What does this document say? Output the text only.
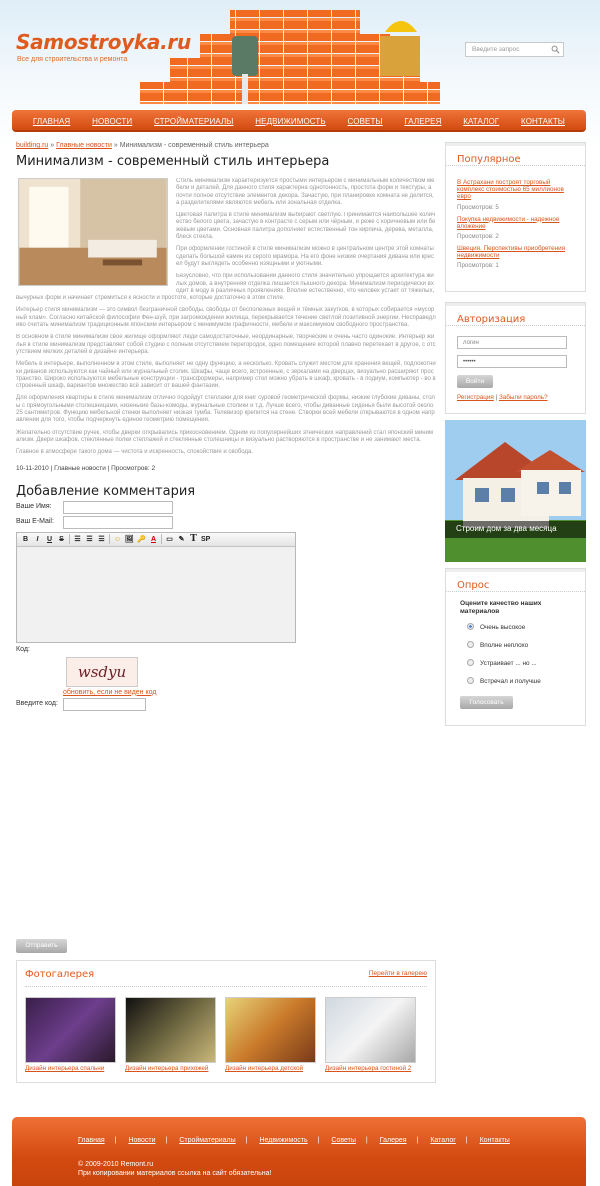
Samostroyka.ru
Все для строительства и ремонта
Введите запрос
ГЛАВНАЯ	НОВОСТИ	СТРОЙМАТЕРИАЛЫ	НЕДВИЖИМОСТЬ	СОВЕТЫ	ГАЛЕРЕЯ	КАТАЛОГ	КОНТАКТЫ
building.ru » Главные новости » Минимализм - современный стиль интерьера
Минимализм - современный стиль интерьера

Стиль минимализм характеризуется простыми интерьером с минимальным количеством мебели и деталей. Для данного стиля характерна однотонность, простота форм и текстуры, а почти полное отсутствие элементов декора. Зачастую, при планировке комната не делится, а разделителями являются мебель или зональная отделка.

Цветовая палитра в стиле минимализм выбирают светлую. Принимается наибольшее количество белого цвета, зачастую в контрасте с серым или чёрным, и реже с коричневым или бежевым цветами. Основная палитра дополняет естественный тон кирпича, дерева, металла, блеск стекла.

При оформлении гостиной в стиле минимализм можно в центральном центре этой комнаты сделать большой камин из серого мрамора. На его фоне низкие очертания дивана или кресел будут выглядеть особенно изящными и уютными.

Безусловно, что при использовании данного стиля значительно упрощается архитектура жилых домов, а внутренняя отделка лишается пышного декора. Минимализм периодически входит в моду в различных проявлениях. Вполне естественно, что человек устает от тяжелых, вычурных форм и начинает стремиться к ясности и простоте, которые достаточно в этом стиле.

Интерьер стиля минимализм — это символ безграничной свободы, свободы от бесполезных вещей и тёмных закутков, в которых собирается «мусорный хлам». Согласно китайской философии Фен-шуй, при загромождении жилища, перекрывается течение светлой позитивной энергии. Несправедливо считать минимализм традиционным японским интерьером с минимумом графичности, мебели и максимумом свободного пространства.

В основном в стиле минимализм свое жилище оформляют люди самодостаточные, неординарные, творческие и очень часто одинокие. Интерьер жилья в стиле минимализм представляет собой студию с полным отсутствием перегородок, одно помещение которой плавно перетекает в другое, с отсутствием мелких деталей в дизайне интерьера.

Мебель в интерьере, выполненном в этом стиле, выполняет не одну функцию, а несколько. Кровать служит местом для хранения вещей, подлокотники диванов используются как чайный или журнальный столик. Шкафы, чаще всего, встроенные, с зеркалами на дверцах, визуально расширяют пространство. Широко используются мебельные конструкции - трансформеры, например стол можно убрать в шкаф, кровать - в подиум, компьютер - во встроенный шкаф, вариантов множество всё зависит от вашей фантазии.

Для оформления квартиры в стиле минимализм отлично подойдут стеллажи для книг суровой геометрической формы, низкие глубокие диваны, столы с прямоугольными столешницами, низенькие базы-комоды, журнальные столики и т.д. Лучше всего, чтобы диванные сиденья были высотой около 25 сантиметров. Функцию мебельной стенки выполняет низкая тумба. Телевизор крепится на стене. Створки всей мебели открываются в одном направлении для того, чтобы подчеркнуть единое геометрию помещения.

Желательно отсутствие ручек, чтобы дверки открывались прикосновением. Одним из популярнейших этнических направлений стал японский минимализм. Двери шкафов, стеклянные полки стеллажей и стеклянные столешницы и визуально растворяются в пространстве и не занимают места.

Главное в атмосфере такого дома — чистота и искренность, спокойствие и свобода.

10-11-2010 | Главные новости | Просмотров: 2
Добавление комментария
Ваше Имя:
Ваш E-Mail:
B	I	U	S	☰ ☰ ☰ ☺ 🖼 🔑 A ▭ ✎ T SP
Код:
wsdyu
обновить, если не виден код
Введите код:
Отправить
Популярное
В Астрахани построят торговый комплекс стоимостью 65 миллионов евро
Просмотров: 5
Покупка недвижимости - надежное вложение
Просмотров: 2
Швеция. Перспективы приобретения недвижимости
Просмотров: 1
Авторизация
логин
••••••
Войти
Регистрация | Забыли пароль?
Строим дом за два месяца
Опрос
Оцените качество наших материалов
Очень высокое
Вполне неплохо
Устраивает ... но ...
Встречал и получше
Голосовать
Фотогалерея	Перейти в галерею
Дизайн интерьера спальни	Дизайн интерьера прихожей	Дизайн интерьера детской	Дизайн интерьера гостиной 2
Главная | Новости | Стройматериалы | Недвижимость | Советы | Галерея | Каталог | Контакты
© 2009-2010 Remont.ru
При копировании материалов ссылка на сайт обязательна!
